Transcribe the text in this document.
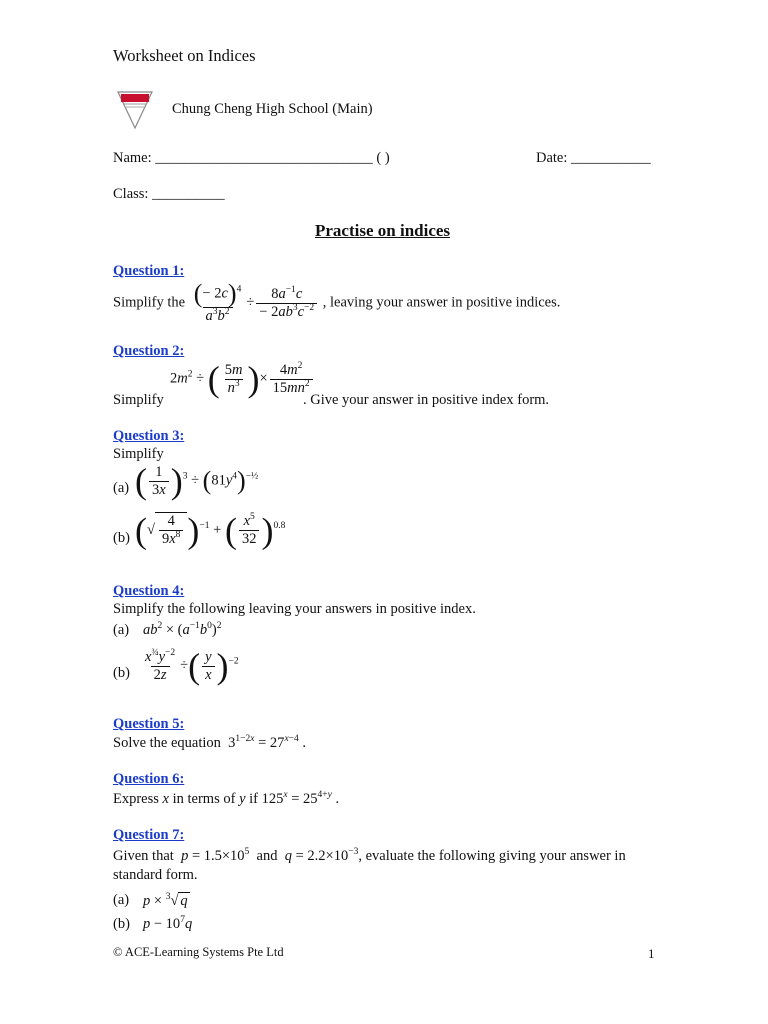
Worksheet on Indices
Chung Cheng High School (Main)
Name: ______________________________ ( )	Date: ___________
Class: __________
Practise on indices
Question 1:
Simplify the $\frac{(- 2c)^4}{a^3b^2} \div \frac{8a^{-1}c}{- 2ab^3c^{-2}}$ , leaving your answer in positive indices.
Question 2:
Simplify
$2m^2$ ÷ ( $\frac{5m}{n^3}$ )× $\frac{4m^2}{15mn^2}$
. Give your answer in positive index form.
Question 3:
Simplify
(a) ( $\frac{1}{3x} )^3 \div (81y^4)^{-\frac{1}{2}}$
(b) (√ $\frac{4}{9x^8} )^{-1}$ + ( $\frac{x^5}{32} )^{0.8}$
Question 4:
Simplify the following leaving your answers in positive index.
(a) $ab^2 \times (a^{-1}b^0)^2$
$(b) \frac{x^{\frac{3}{4}}y^{-2}}{2z}$ ÷( $\frac{y}{x} )^{-2}$
Question 5:
Solve the equation  $3^{1-2x} = 27^{x-4}$ .
Question 6:
Express x in terms of y if $125^x = 25^{4+y}$ .
Question 7:
Given that $p = 1.5\times 10^5$ and $q = 2.2\times 10^{-3}$, evaluate the following giving your answer in
standard form.
(a) p × $^3$√ q
(b) $p - 10^7q$
© ACE-Learning Systems Pte Ltd	1
